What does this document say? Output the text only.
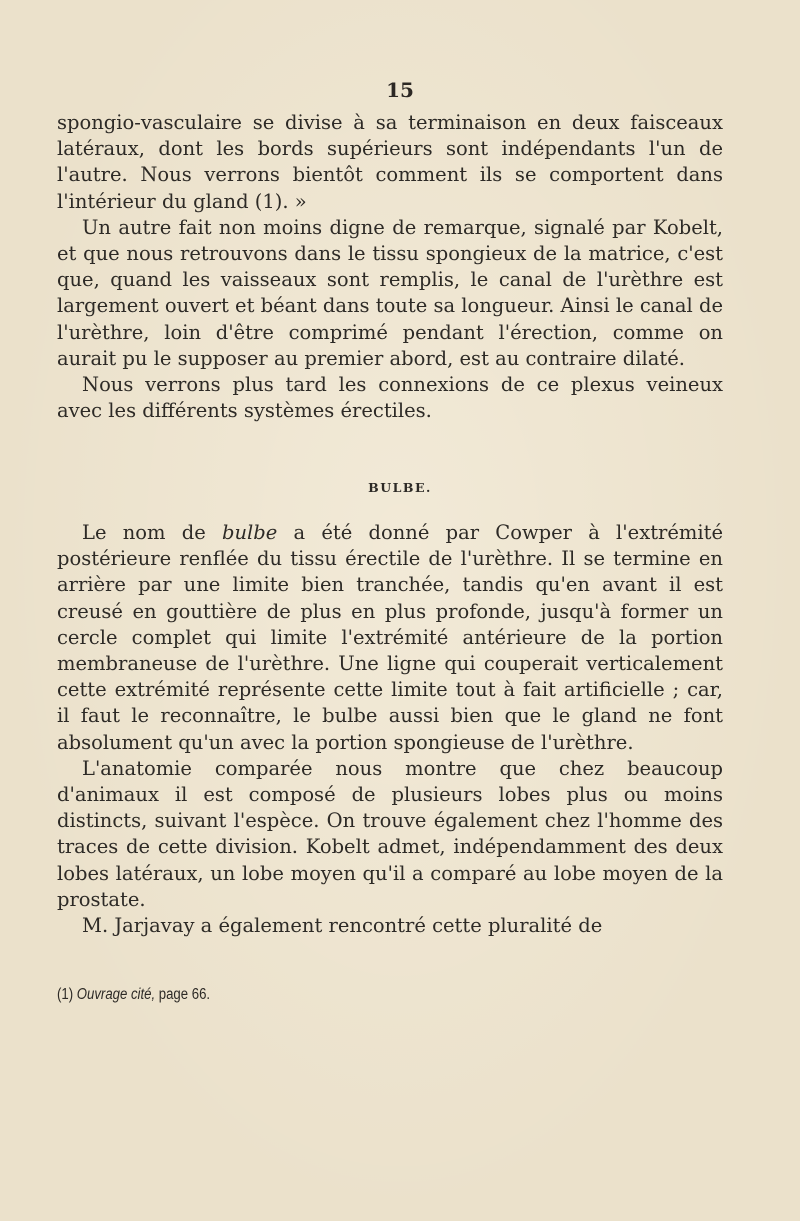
15

spongio-vasculaire se divise à sa terminaison en deux faisceaux latéraux, dont les bords supérieurs sont indépendants l'un de l'autre. Nous verrons bientôt comment ils se comportent dans l'intérieur du gland (1). »

Un autre fait non moins digne de remarque, signalé par Kobelt, et que nous retrouvons dans le tissu spongieux de la matrice, c'est que, quand les vaisseaux sont remplis, le canal de l'urèthre est largement ouvert et béant dans toute sa longueur. Ainsi le canal de l'urèthre, loin d'être comprimé pendant l'érection, comme on aurait pu le supposer au premier abord, est au contraire dilaté.

Nous verrons plus tard les connexions de ce plexus veineux avec les différents systèmes érectiles.

BULBE.

Le nom de bulbe a été donné par Cowper à l'extrémité postérieure renflée du tissu érectile de l'urèthre. Il se termine en arrière par une limite bien tranchée, tandis qu'en avant il est creusé en gouttière de plus en plus profonde, jusqu'à former un cercle complet qui limite l'extrémité antérieure de la portion membraneuse de l'urèthre. Une ligne qui couperait verticalement cette extrémité représente cette limite tout à fait artificielle ; car, il faut le reconnaître, le bulbe aussi bien que le gland ne font absolument qu'un avec la portion spongieuse de l'urèthre.

L'anatomie comparée nous montre que chez beaucoup d'animaux il est composé de plusieurs lobes plus ou moins distincts, suivant l'espèce. On trouve également chez l'homme des traces de cette division. Kobelt admet, indépendamment des deux lobes latéraux, un lobe moyen qu'il a comparé au lobe moyen de la prostate.

M. Jarjavay a également rencontré cette pluralité de

(1) Ouvrage cité, page 66.
